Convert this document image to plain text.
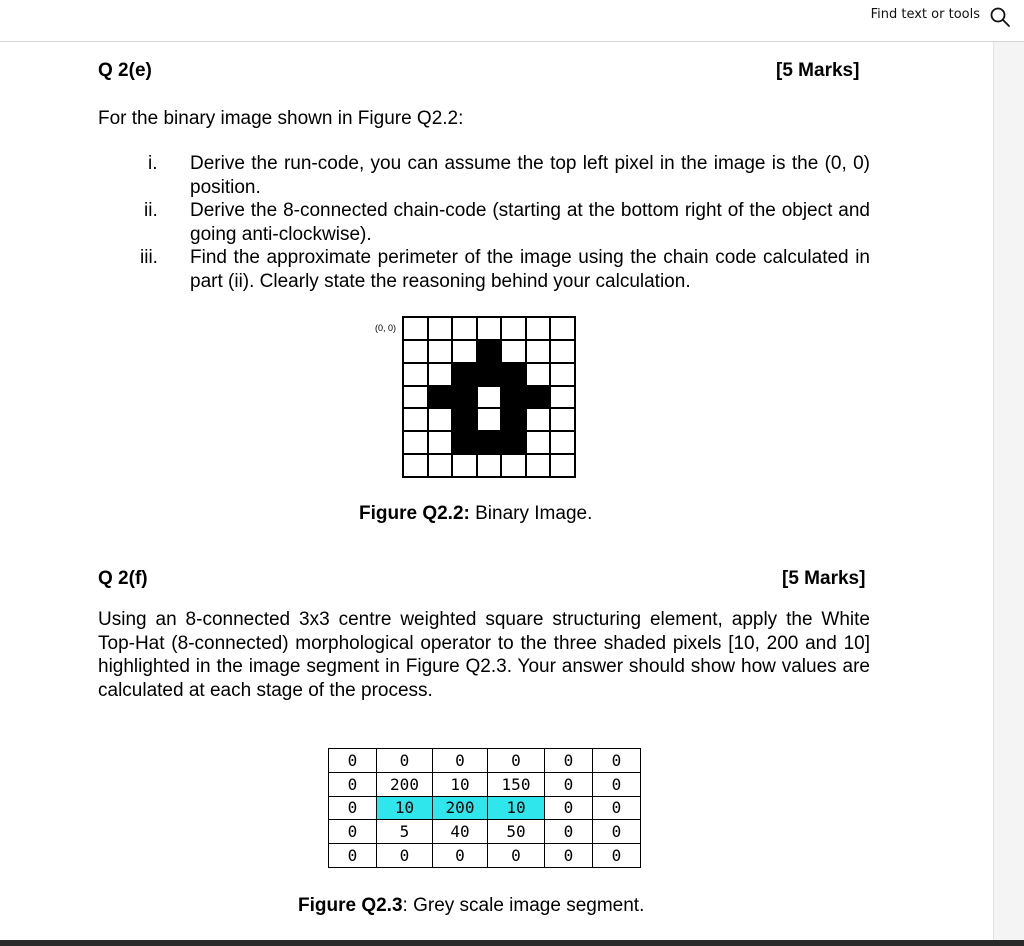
Find text or tools
Q 2(e)	[5 Marks]
For the binary image shown in Figure Q2.2:
i.	Derive the run-code, you can assume the top left pixel in the image is the (0, 0) position.
ii.	Derive the 8-connected chain-code (starting at the bottom right of the object and going anti-clockwise).
iii.	Find the approximate perimeter of the image using the chain code calculated in part (ii). Clearly state the reasoning behind your calculation.
(0, 0)
Figure Q2.2: Binary Image.
Q 2(f)	[5 Marks]
Using an 8-connected 3x3 centre weighted square structuring element, apply the White Top-Hat (8-connected) morphological operator to the three shaded pixels [10, 200 and 10] highlighted in the image segment in Figure Q2.3. Your answer should show how values are calculated at each stage of the process.
0	0	0	0	0	0
0	200	10	150	0	0
0	10	200	10	0	0
0	5	40	50	0	0
0	0	0	0	0	0
Figure Q2.3: Grey scale image segment.
